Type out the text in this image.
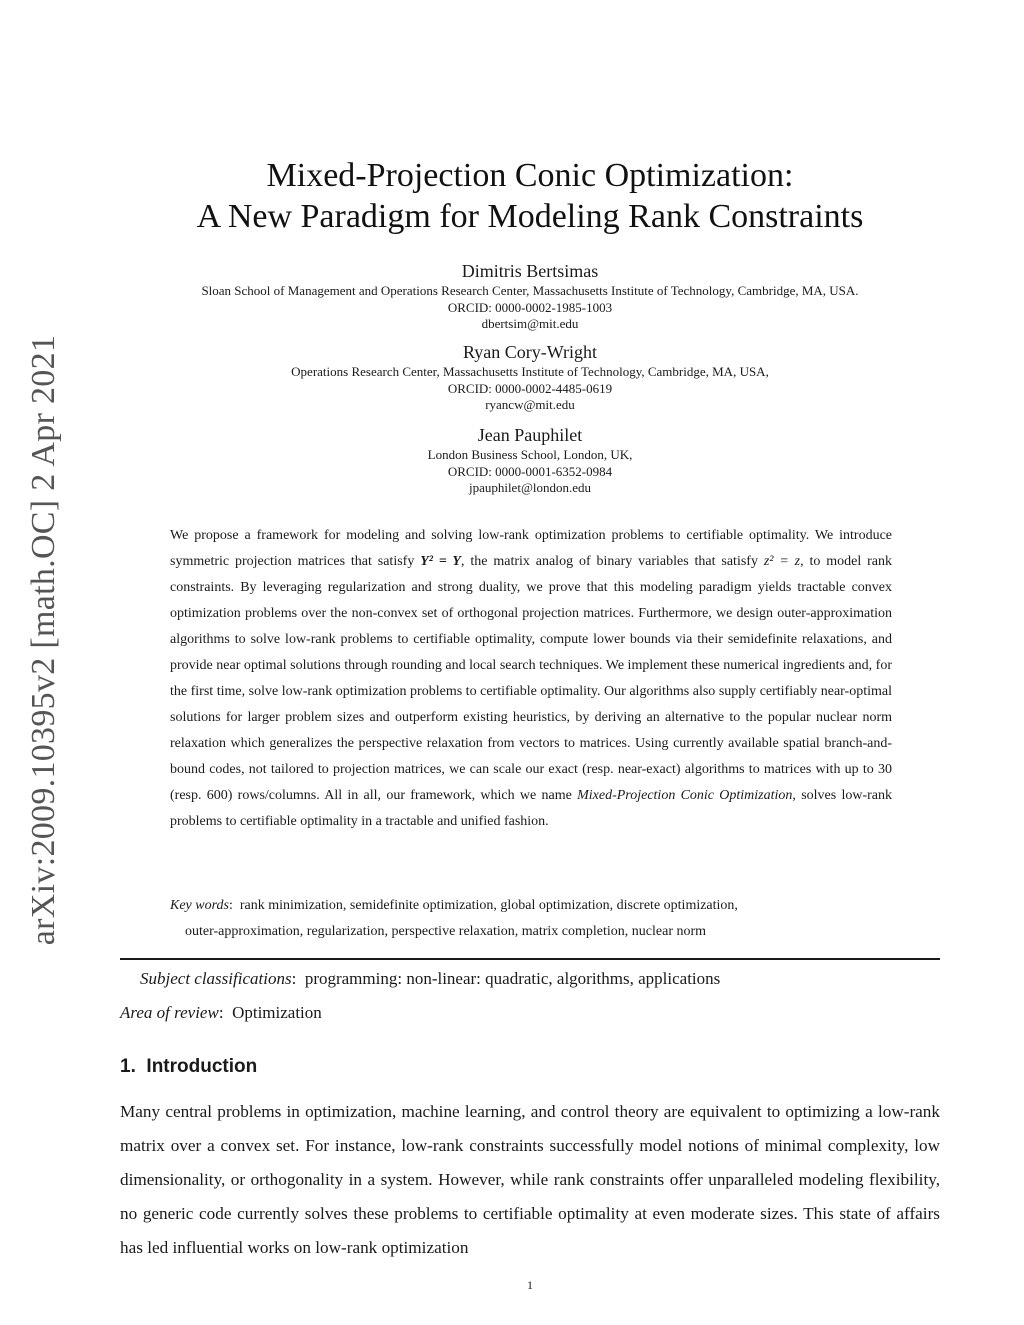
arXiv:2009.10395v2 [math.OC] 2 Apr 2021
Mixed-Projection Conic Optimization:
A New Paradigm for Modeling Rank Constraints
Dimitris Bertsimas
Sloan School of Management and Operations Research Center, Massachusetts Institute of Technology, Cambridge, MA, USA.
ORCID: 0000-0002-1985-1003
dbertsim@mit.edu
Ryan Cory-Wright
Operations Research Center, Massachusetts Institute of Technology, Cambridge, MA, USA,
ORCID: 0000-0002-4485-0619
ryancw@mit.edu
Jean Pauphilet
London Business School, London, UK,
ORCID: 0000-0001-6352-0984
jpauphilet@london.edu
We propose a framework for modeling and solving low-rank optimization problems to certifiable optimality. We introduce symmetric projection matrices that satisfy Y² = Y, the matrix analog of binary variables that satisfy z² = z, to model rank constraints. By leveraging regularization and strong duality, we prove that this modeling paradigm yields tractable convex optimization problems over the non-convex set of orthogonal projection matrices. Furthermore, we design outer-approximation algorithms to solve low-rank problems to certifiable optimality, compute lower bounds via their semidefinite relaxations, and provide near optimal solutions through rounding and local search techniques. We implement these numerical ingredients and, for the first time, solve low-rank optimization problems to certifiable optimality. Our algorithms also supply certifiably near-optimal solutions for larger problem sizes and outperform existing heuristics, by deriving an alternative to the popular nuclear norm relaxation which generalizes the perspective relaxation from vectors to matrices. Using currently available spatial branch-and-bound codes, not tailored to projection matrices, we can scale our exact (resp. near-exact) algorithms to matrices with up to 30 (resp. 600) rows/columns. All in all, our framework, which we name Mixed-Projection Conic Optimization, solves low-rank problems to certifiable optimality in a tractable and unified fashion.
Key words:  rank minimization, semidefinite optimization, global optimization, discrete optimization,
outer-approximation, regularization, perspective relaxation, matrix completion, nuclear norm
Subject classifications:  programming: non-linear: quadratic, algorithms, applications
Area of review:  Optimization
1. Introduction
Many central problems in optimization, machine learning, and control theory are equivalent to optimizing a low-rank matrix over a convex set. For instance, low-rank constraints successfully model notions of minimal complexity, low dimensionality, or orthogonality in a system. However, while rank constraints offer unparalleled modeling flexibility, no generic code currently solves these problems to certifiable optimality at even moderate sizes. This state of affairs has led influential works on low-rank optimization
1
